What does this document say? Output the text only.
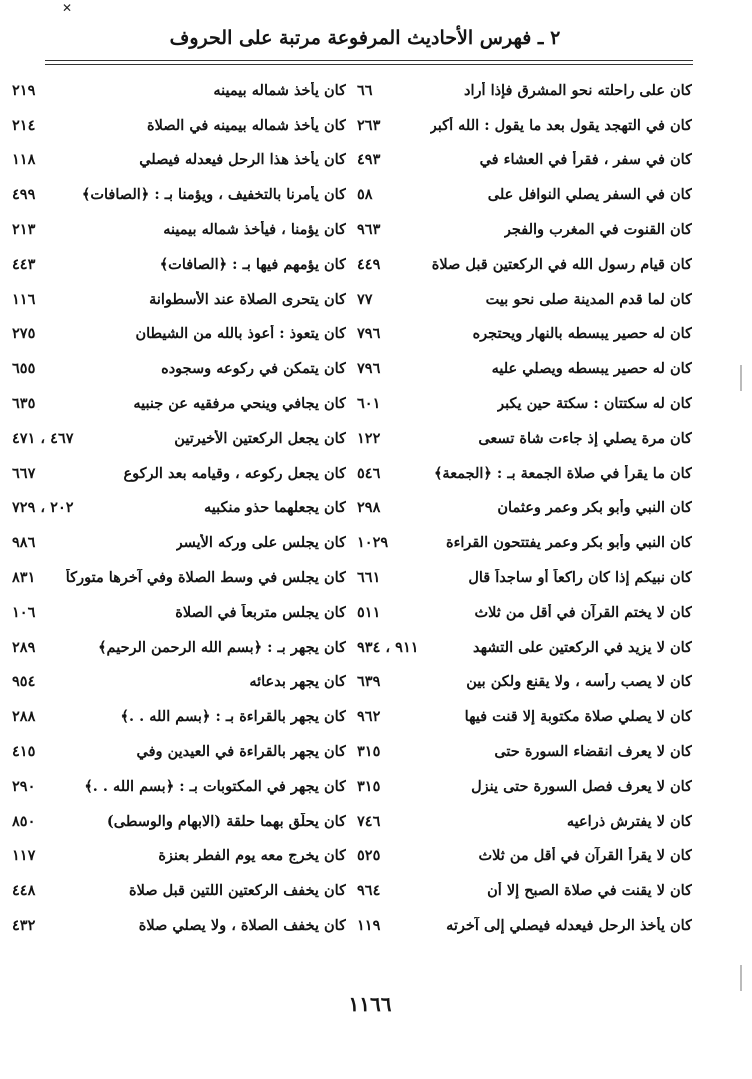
✕
٢ ـ فهرس الأحاديث المرفوعة مرتبة على الحروف
كان على راحلته نحو المشرق فإذا أراد
٦٦
كان في التهجد يقول بعد ما يقول : الله أكبر
٢٦٣
كان في سفر ، فقرأ في العشاء في
٤٩٣
كان في السفر يصلي النوافل على
٥٨
كان القنوت في المغرب والفجر
٩٦٣
كان قيام رسول الله في الركعتين قبل صلاة
٤٤٩
كان لما قدم المدينة صلى نحو بيت
٧٧
كان له حصير يبسطه بالنهار ويحتجره
٧٩٦
كان له حصير يبسطه ويصلي عليه
٧٩٦
كان له سكتتان : سكتة حين يكبر
٦٠١
كان مرة يصلي إذ جاءت شاة تسعى
١٢٢
كان ما يقرأ في صلاة الجمعة بـ : ﴿الجمعة﴾
٥٤٦
كان النبي وأبو بكر وعمر وعثمان
٢٩٨
كان النبي وأبو بكر وعمر يفتتحون القراءة
١٠٢٩
كان نبيكم إذا كان راكعاً أو ساجداً قال
٦٦١
كان لا يختم القرآن في أقل من ثلاث
٥١١
كان لا يزيد في الركعتين على التشهد
٩١١ ، ٩٣٤
كان لا يصب رأسه ، ولا يقنع ولكن بين
٦٣٩
كان لا يصلي صلاة مكتوبة إلا قنت فيها
٩٦٢
كان لا يعرف انقضاء السورة حتى
٣١٥
كان لا يعرف فصل السورة حتى ينزل
٣١٥
كان لا يفترش ذراعيه
٧٤٦
كان لا يقرأ القرآن في أقل من ثلاث
٥٢٥
كان لا يقنت في صلاة الصبح إلا أن
٩٦٤
كان يأخذ الرحل فيعدله فيصلي إلى آخرته
١١٩
كان يأخذ شماله بيمينه
٢١٩
كان يأخذ شماله بيمينه في الصلاة
٢١٤
كان يأخذ هذا الرحل فيعدله فيصلي
١١٨
كان يأمرنا بالتخفيف ، ويؤمنا بـ : ﴿الصافات﴾
٤٩٩
كان يؤمنا ، فيأخذ شماله بيمينه
٢١٣
كان يؤمهم فيها بـ : ﴿الصافات﴾
٤٤٣
كان يتحرى الصلاة عند الأسطوانة
١١٦
كان يتعوذ : أعوذ بالله من الشيطان
٢٧٥
كان يتمكن في ركوعه وسجوده
٦٥٥
كان يجافي وينحي مرفقيه عن جنبيه
٦٣٥
كان يجعل الركعتين الأخيرتين
٤٦٧ ، ٤٧١
كان يجعل ركوعه ، وقيامه بعد الركوع
٦٦٧
كان يجعلهما حذو منكبيه
٢٠٢ ، ٧٢٩
كان يجلس على وركه الأيسر
٩٨٦
كان يجلس في وسط الصلاة وفي آخرها متوركاً
٨٣١
كان يجلس متربعاً في الصلاة
١٠٦
كان يجهر بـ : ﴿بسم الله الرحمن الرحيم﴾
٢٨٩
كان يجهر بدعائه
٩٥٤
كان يجهر بالقراءة بـ : ﴿بسم الله . .﴾
٢٨٨
كان يجهر بالقراءة في العيدين وفي
٤١٥
كان يجهر في المكتوبات بـ : ﴿بسم الله . .﴾
٢٩٠
كان يحلّق بهما حلقة (الابهام والوسطى)
٨٥٠
كان يخرج معه يوم الفطر بعنزة
١١٧
كان يخفف الركعتين اللتين قبل صلاة
٤٤٨
كان يخفف الصلاة ، ولا يصلي صلاة
٤٣٢
١١٦٦
